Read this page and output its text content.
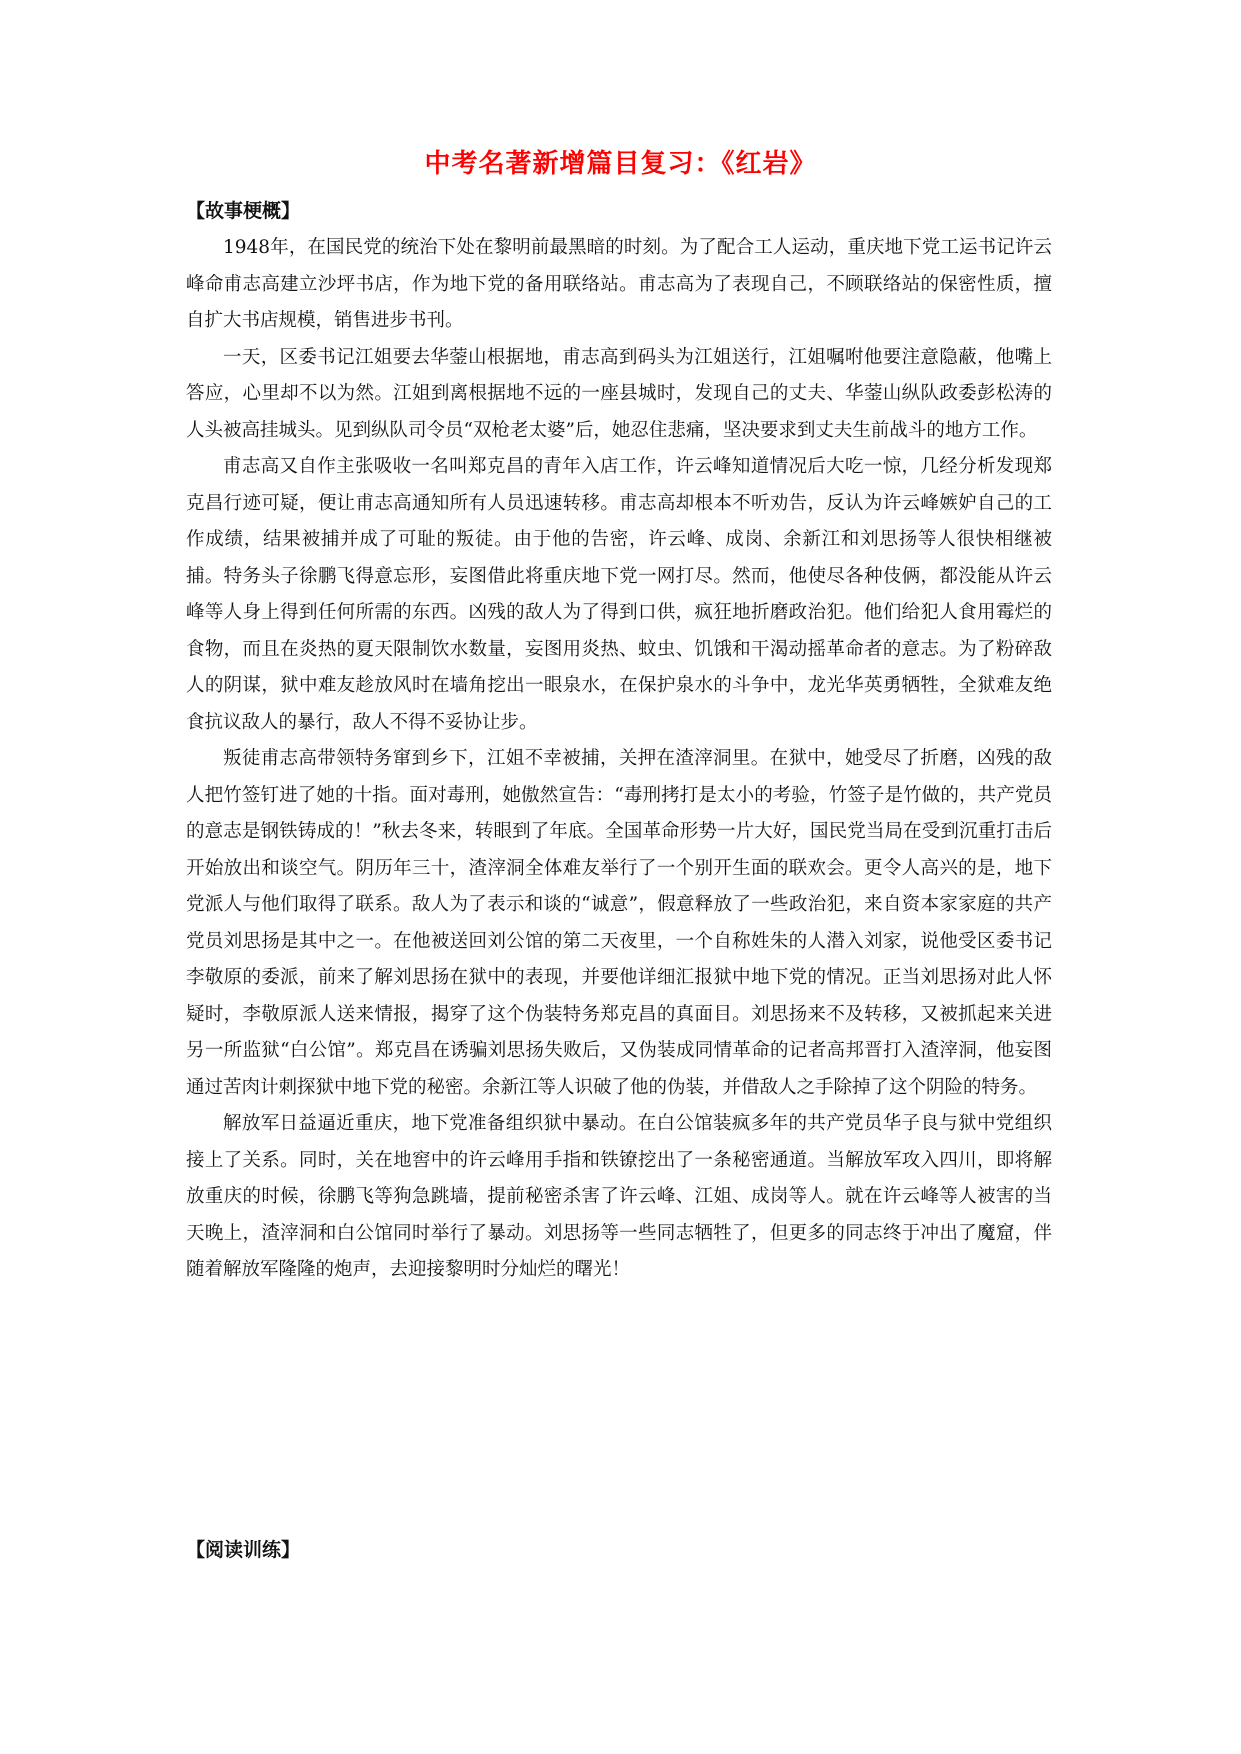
中考名著新增篇目复习：《红岩》
【故事梗概】

1948年，在国民党的统治下处在黎明前最黑暗的时刻。为了配合工人运动，重庆地下党工运书记许云峰命甫志高建立沙坪书店，作为地下党的备用联络站。甫志高为了表现自己，不顾联络站的保密性质，擅自扩大书店规模，销售进步书刊。

一天，区委书记江姐要去华蓥山根据地，甫志高到码头为江姐送行，江姐嘱咐他要注意隐蔽，他嘴上答应，心里却不以为然。江姐到离根据地不远的一座县城时，发现自己的丈夫、华蓥山纵队政委彭松涛的人头被高挂城头。见到纵队司令员“双枪老太婆”后，她忍住悲痛，坚决要求到丈夫生前战斗的地方工作。

甫志高又自作主张吸收一名叫郑克昌的青年入店工作，许云峰知道情况后大吃一惊，几经分析发现郑克昌行迹可疑，便让甫志高通知所有人员迅速转移。甫志高却根本不听劝告，反认为许云峰嫉妒自己的工作成绩，结果被捕并成了可耻的叛徒。由于他的告密，许云峰、成岗、余新江和刘思扬等人很快相继被捕。特务头子徐鹏飞得意忘形，妄图借此将重庆地下党一网打尽。然而，他使尽各种伎俩，都没能从许云峰等人身上得到任何所需的东西。凶残的敌人为了得到口供，疯狂地折磨政治犯。他们给犯人食用霉烂的食物，而且在炎热的夏天限制饮水数量，妄图用炎热、蚊虫、饥饿和干渴动摇革命者的意志。为了粉碎敌人的阴谋，狱中难友趁放风时在墙角挖出一眼泉水，在保护泉水的斗争中，龙光华英勇牺牲，全狱难友绝食抗议敌人的暴行，敌人不得不妥协让步。

叛徒甫志高带领特务窜到乡下，江姐不幸被捕，关押在渣滓洞里。在狱中，她受尽了折磨，凶残的敌人把竹签钉进了她的十指。面对毒刑，她傲然宣告：“毒刑拷打是太小的考验，竹签子是竹做的，共产党员的意志是钢铁铸成的！”秋去冬来，转眼到了年底。全国革命形势一片大好，国民党当局在受到沉重打击后开始放出和谈空气。阴历年三十，渣滓洞全体难友举行了一个别开生面的联欢会。更令人高兴的是，地下党派人与他们取得了联系。敌人为了表示和谈的“诚意”，假意释放了一些政治犯，来自资本家家庭的共产党员刘思扬是其中之一。在他被送回刘公馆的第二天夜里，一个自称姓朱的人潜入刘家，说他受区委书记李敬原的委派，前来了解刘思扬在狱中的表现，并要他详细汇报狱中地下党的情况。正当刘思扬对此人怀疑时，李敬原派人送来情报，揭穿了这个伪装特务郑克昌的真面目。刘思扬来不及转移，又被抓起来关进另一所监狱“白公馆”。郑克昌在诱骗刘思扬失败后，又伪装成同情革命的记者高邦晋打入渣滓洞，他妄图通过苦肉计刺探狱中地下党的秘密。余新江等人识破了他的伪装，并借敌人之手除掉了这个阴险的特务。

解放军日益逼近重庆，地下党准备组织狱中暴动。在白公馆装疯多年的共产党员华子良与狱中党组织接上了关系。同时，关在地窖中的许云峰用手指和铁镣挖出了一条秘密通道。当解放军攻入四川，即将解放重庆的时候，徐鹏飞等狗急跳墙，提前秘密杀害了许云峰、江姐、成岗等人。就在许云峰等人被害的当天晚上，渣滓洞和白公馆同时举行了暴动。刘思扬等一些同志牺牲了，但更多的同志终于冲出了魔窟，伴随着解放军隆隆的炮声，去迎接黎明时分灿烂的曙光！

【阅读训练】
